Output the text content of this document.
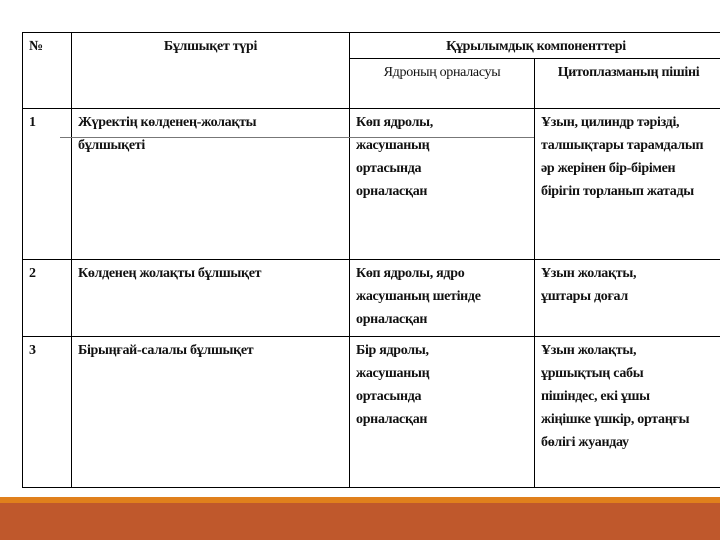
№	Бұлшықет түрі	Құрылымдық компоненттері	
		Ядроның орналасуы	Цитоплазманың пішіні
1	Жүректің көлденең-жолақты бұлшықеті	Көп ядролы, жасушаның ортасында орналасқан	Ұзын, цилиндр тәрізді, талшықтары тарамдалып әр жерінен бір-бірімен бірігіп торланып жатады
2	Көлденең жолақты бұлшықет	Көп ядролы, ядро жасушаның шетінде орналасқан	Ұзын жолақты, ұштары доғал
3	Бірыңғай-салалы бұлшықет	Бір ядролы, жасушаның ортасында орналасқан	Ұзын жолақты, ұршықтың сабы пішіндес, екі ұшы жіңішке үшкір, ортаңғы бөлігі жуандау
